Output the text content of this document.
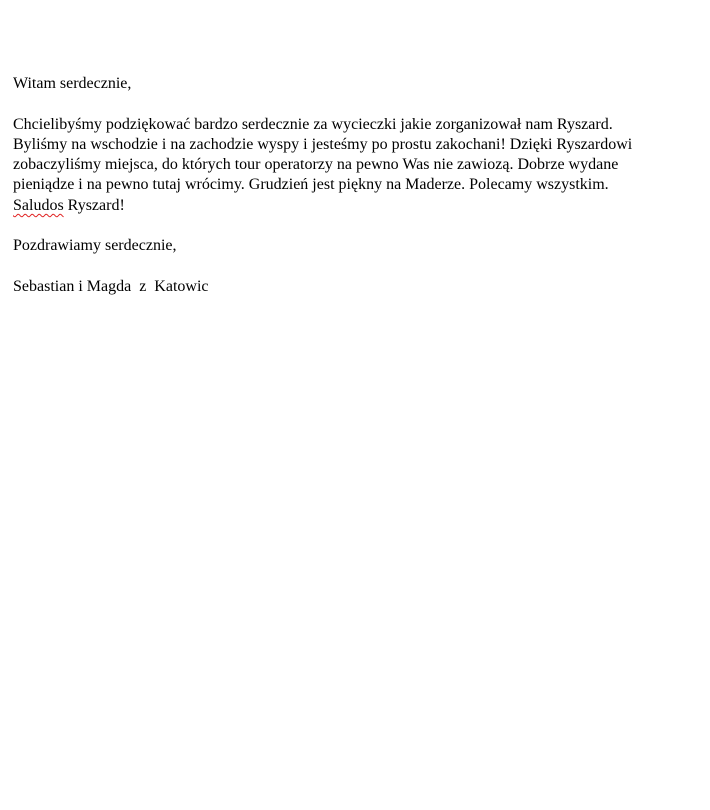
Witam serdecznie,

Chcielibyśmy podziękować bardzo serdecznie za wycieczki jakie zorganizował nam Ryszard.
Byliśmy na wschodzie i na zachodzie wyspy i jesteśmy po prostu zakochani! Dzięki Ryszardowi
zobaczyliśmy miejsca, do których tour operatorzy na pewno Was nie zawiozą. Dobrze wydane
pieniądze i na pewno tutaj wrócimy. Grudzień jest piękny na Maderze. Polecamy wszystkim.
Saludos Ryszard!

Pozdrawiamy serdecznie,

Sebastian i Magda  z  Katowic
